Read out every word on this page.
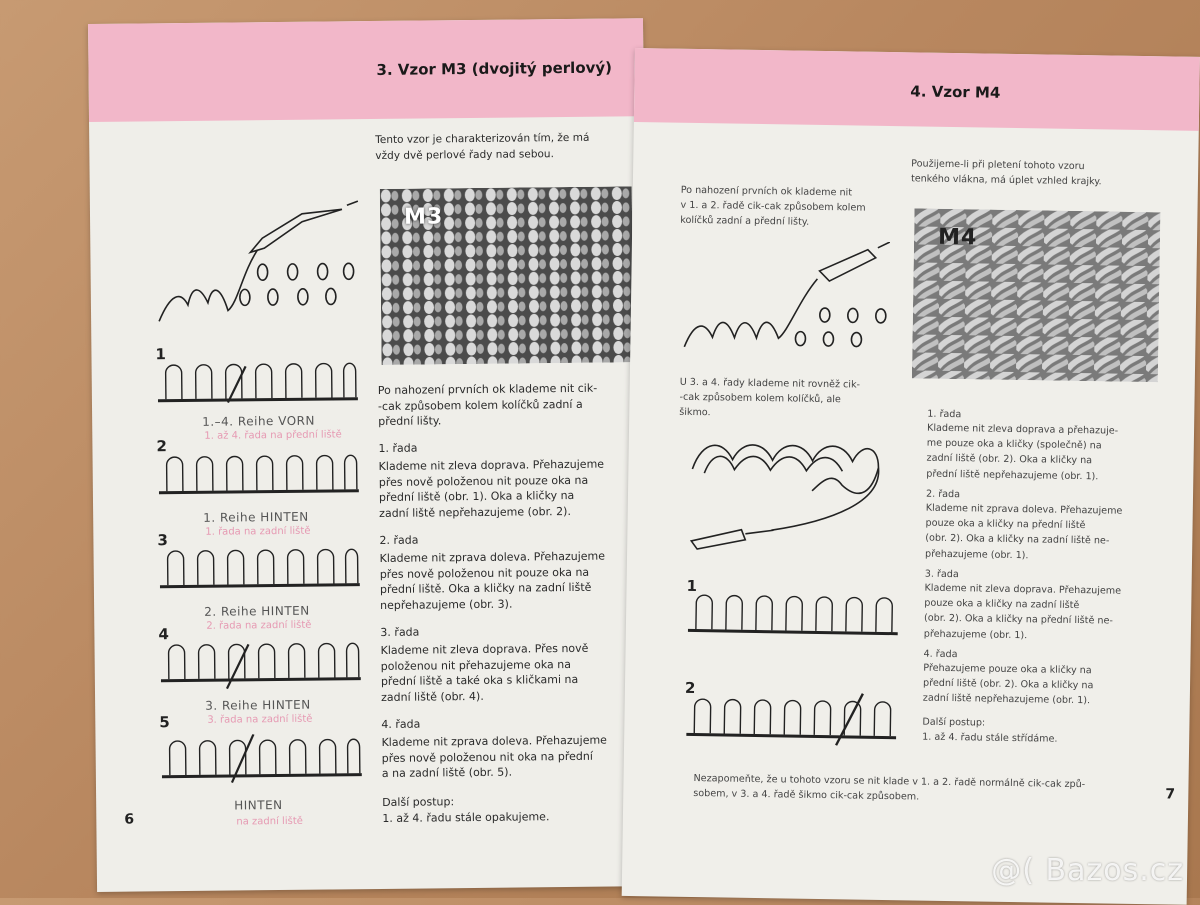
3. Vzor M3 (dvojitý perlový)
Tento vzor je charakterizován tím, že má
vždy dvě perlové řady nad sebou.
M3
Po nahození prvních ok klademe nit cik-
-cak způsobem kolem kolíčků zadní a
přední lišty.
1. řada
Klademe nit zleva doprava. Přehazujeme
přes nově položenou nit pouze oka na
přední liště (obr. 1). Oka a kličky na
zadní liště nepřehazujeme (obr. 2).
2. řada
Klademe nit zprava doleva. Přehazujeme
přes nově položenou nit pouze oka na
přední liště. Oka a kličky na zadní liště
nepřehazujeme (obr. 3).
3. řada
Klademe nit zleva doprava. Přes nově
položenou nit přehazujeme oka na
přední liště a také oka s kličkami na
zadní liště (obr. 4).
4. řada
Klademe nit zprava doleva. Přehazujeme
přes nově položenou nit oka na přední
a na zadní liště (obr. 5).
Další postup:
1. až 4. řadu stále opakujeme.
1
1.–4. Reihe VORN
1. až 4. řada na přední liště
2
1. Reihe HINTEN
1. řada na zadní liště
3
2. Reihe HINTEN
2. řada na zadní liště
4
3. Reihe HINTEN
3. řada na zadní liště
5
HINTEN
na zadní liště
6
4. Vzor M4
Použijeme-li při pletení tohoto vzoru
tenkého vlákna, má úplet vzhled krajky.
M4
Po nahození prvních ok klademe nit
v 1. a 2. řadě cik-cak způsobem kolem
kolíčků zadní a přední lišty.
U 3. a 4. řady klademe nit rovněž cik-
-cak způsobem kolem kolíčků, ale
šikmo.
1
2
1. řada
Klademe nit zleva doprava a přehazuje-
me pouze oka a kličky (společně) na
zadní liště (obr. 2). Oka a kličky na
přední liště nepřehazujeme (obr. 1).
2. řada
Klademe nit zprava doleva. Přehazujeme
pouze oka a kličky na přední liště
(obr. 2). Oka a kličky na zadní liště ne-
přehazujeme (obr. 1).
3. řada
Klademe nit zleva doprava. Přehazujeme
pouze oka a kličky na zadní liště
(obr. 2). Oka a kličky na přední liště ne-
přehazujeme (obr. 1).
4. řada
Přehazujeme pouze oka a kličky na
přední liště (obr. 2). Oka a kličky na
zadní liště nepřehazujeme (obr. 1).
Další postup:
1. až 4. řadu stále střídáme.
Nezapomeňte, že u tohoto vzoru se nit klade v 1. a 2. řadě normálně cik-cak způ-
sobem, v 3. a 4. řadě šikmo cik-cak způsobem.	7
@( Bazos.cz
